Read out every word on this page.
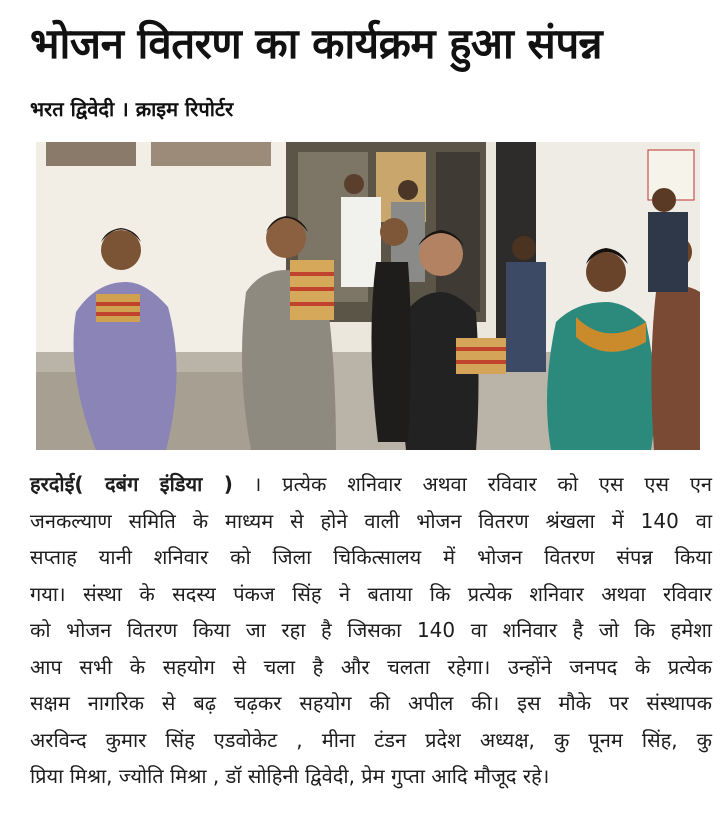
भोजन वितरण का कार्यक्रम हुआ संपन्न
भरत द्विवेदी । क्राइम रिपोर्टर
हरदोई( दबंग इंडिया ) । प्रत्येक शनिवार अथवा रविवार को एस एस एन
जनकल्याण समिति के माध्यम से होने वाली भोजन वितरण श्रंखला में 140 वा
सप्ताह यानी शनिवार को जिला चिकित्सालय में भोजन वितरण संपन्न किया
गया। संस्था के सदस्य पंकज सिंह ने बताया कि प्रत्येक शनिवार अथवा रविवार
को भोजन वितरण किया जा रहा है जिसका 140 वा शनिवार है जो कि हमेशा
आप सभी के सहयोग से चला है और चलता रहेगा। उन्होंने जनपद के प्रत्येक
सक्षम नागरिक से बढ़ चढ़कर सहयोग की अपील की। इस मौके पर संस्थापक
अरविन्द कुमार सिंह एडवोकेट , मीना टंडन प्रदेश अध्यक्ष, कु पूनम सिंह, कु
प्रिया मिश्रा, ज्योति मिश्रा , डॉ सोहिनी द्विवेदी, प्रेम गुप्ता आदि मौजूद रहे।
